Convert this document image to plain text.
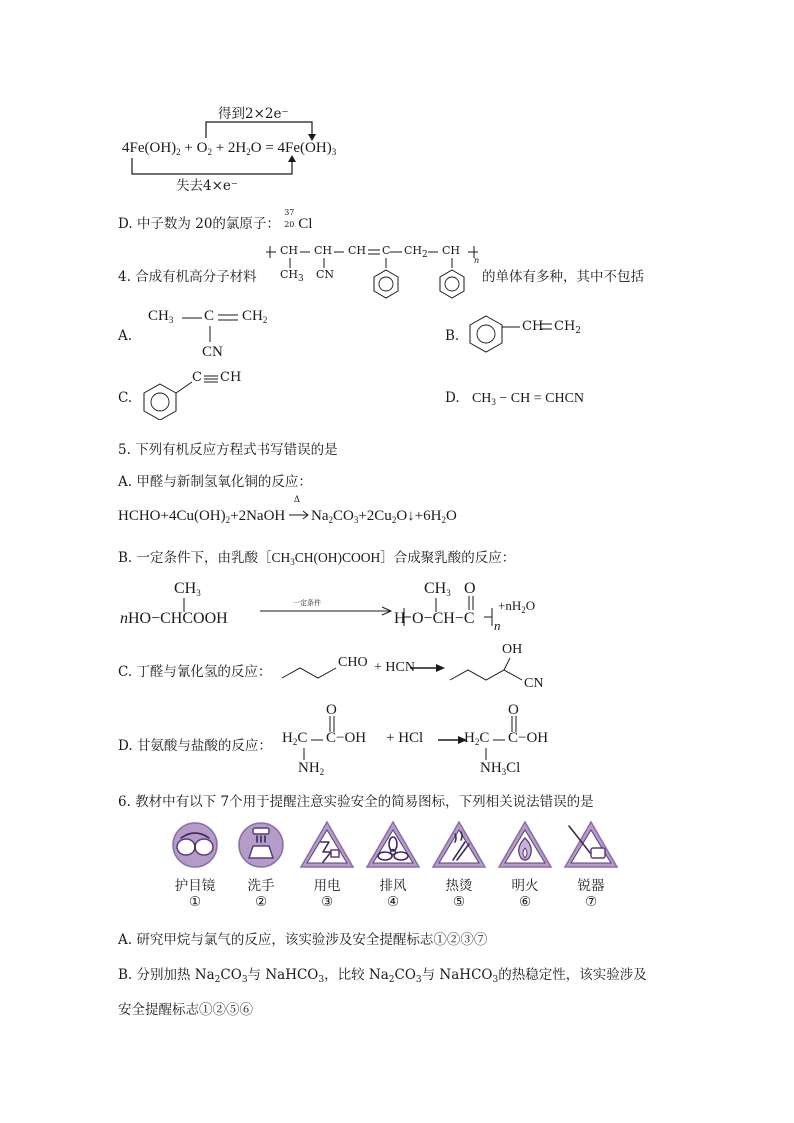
得到2×2e⁻
$4Fe(OH)_2 + O_2 + 2H_2O = 4Fe(OH)_3$
失去4×e⁻
D. 中子数为 20的氯原子：
37
20 Cl
4. 合成有机高分子材料
CH CH CH C $CH_2$ CH
$CH_3$ CN
n
的单体有多种，其中不包括
A.
$CH_3$ C $CH_2$
CN
B.
CH $CH_2$
C.
C CH
D. $CH_3$ − CH = CHCN
5. 下列有机反应方程式书写错误的是
A. 甲醛与新制氢氧化铜的反应：
$HCHO+4Cu(OH)_2+2NaOH$
Δ
$Na_2CO_3+2Cu_2O↓+6H_2O$
B. 一定条件下，由乳酸$[CH_3CH(OH)COOH]$合成聚乳酸的反应：
$CH_3$
nHO−CHCOOH
一定条件
$CH_3$ O
H O−CH−C n
$+nH_2O$
C. 丁醛与氰化氢的反应：
CHO + HCN
OH
CN
D. 甘氨酸与盐酸的反应： $H_2C$
O
C−OH
$NH_2$
+ HCl	$H_2C$
O
C−OH
$NH_3Cl$
6. 教材中有以下 7个用于提醒注意实验安全的简易图标，下列相关说法错误的是
护目镜
①
洗手
②
用电
③
排风
④
热烫
⑤
明火
⑥
锐器
⑦
A. 研究甲烷与氯气的反应，该实验涉及安全提醒标志①②③⑦
B. 分别加热 $Na_2CO_3$与 NaHCO$_3$，比较 $Na_2CO_3$与 NaHCO$_3$的热稳定性，该实验涉及
安全提醒标志①②⑤⑥
